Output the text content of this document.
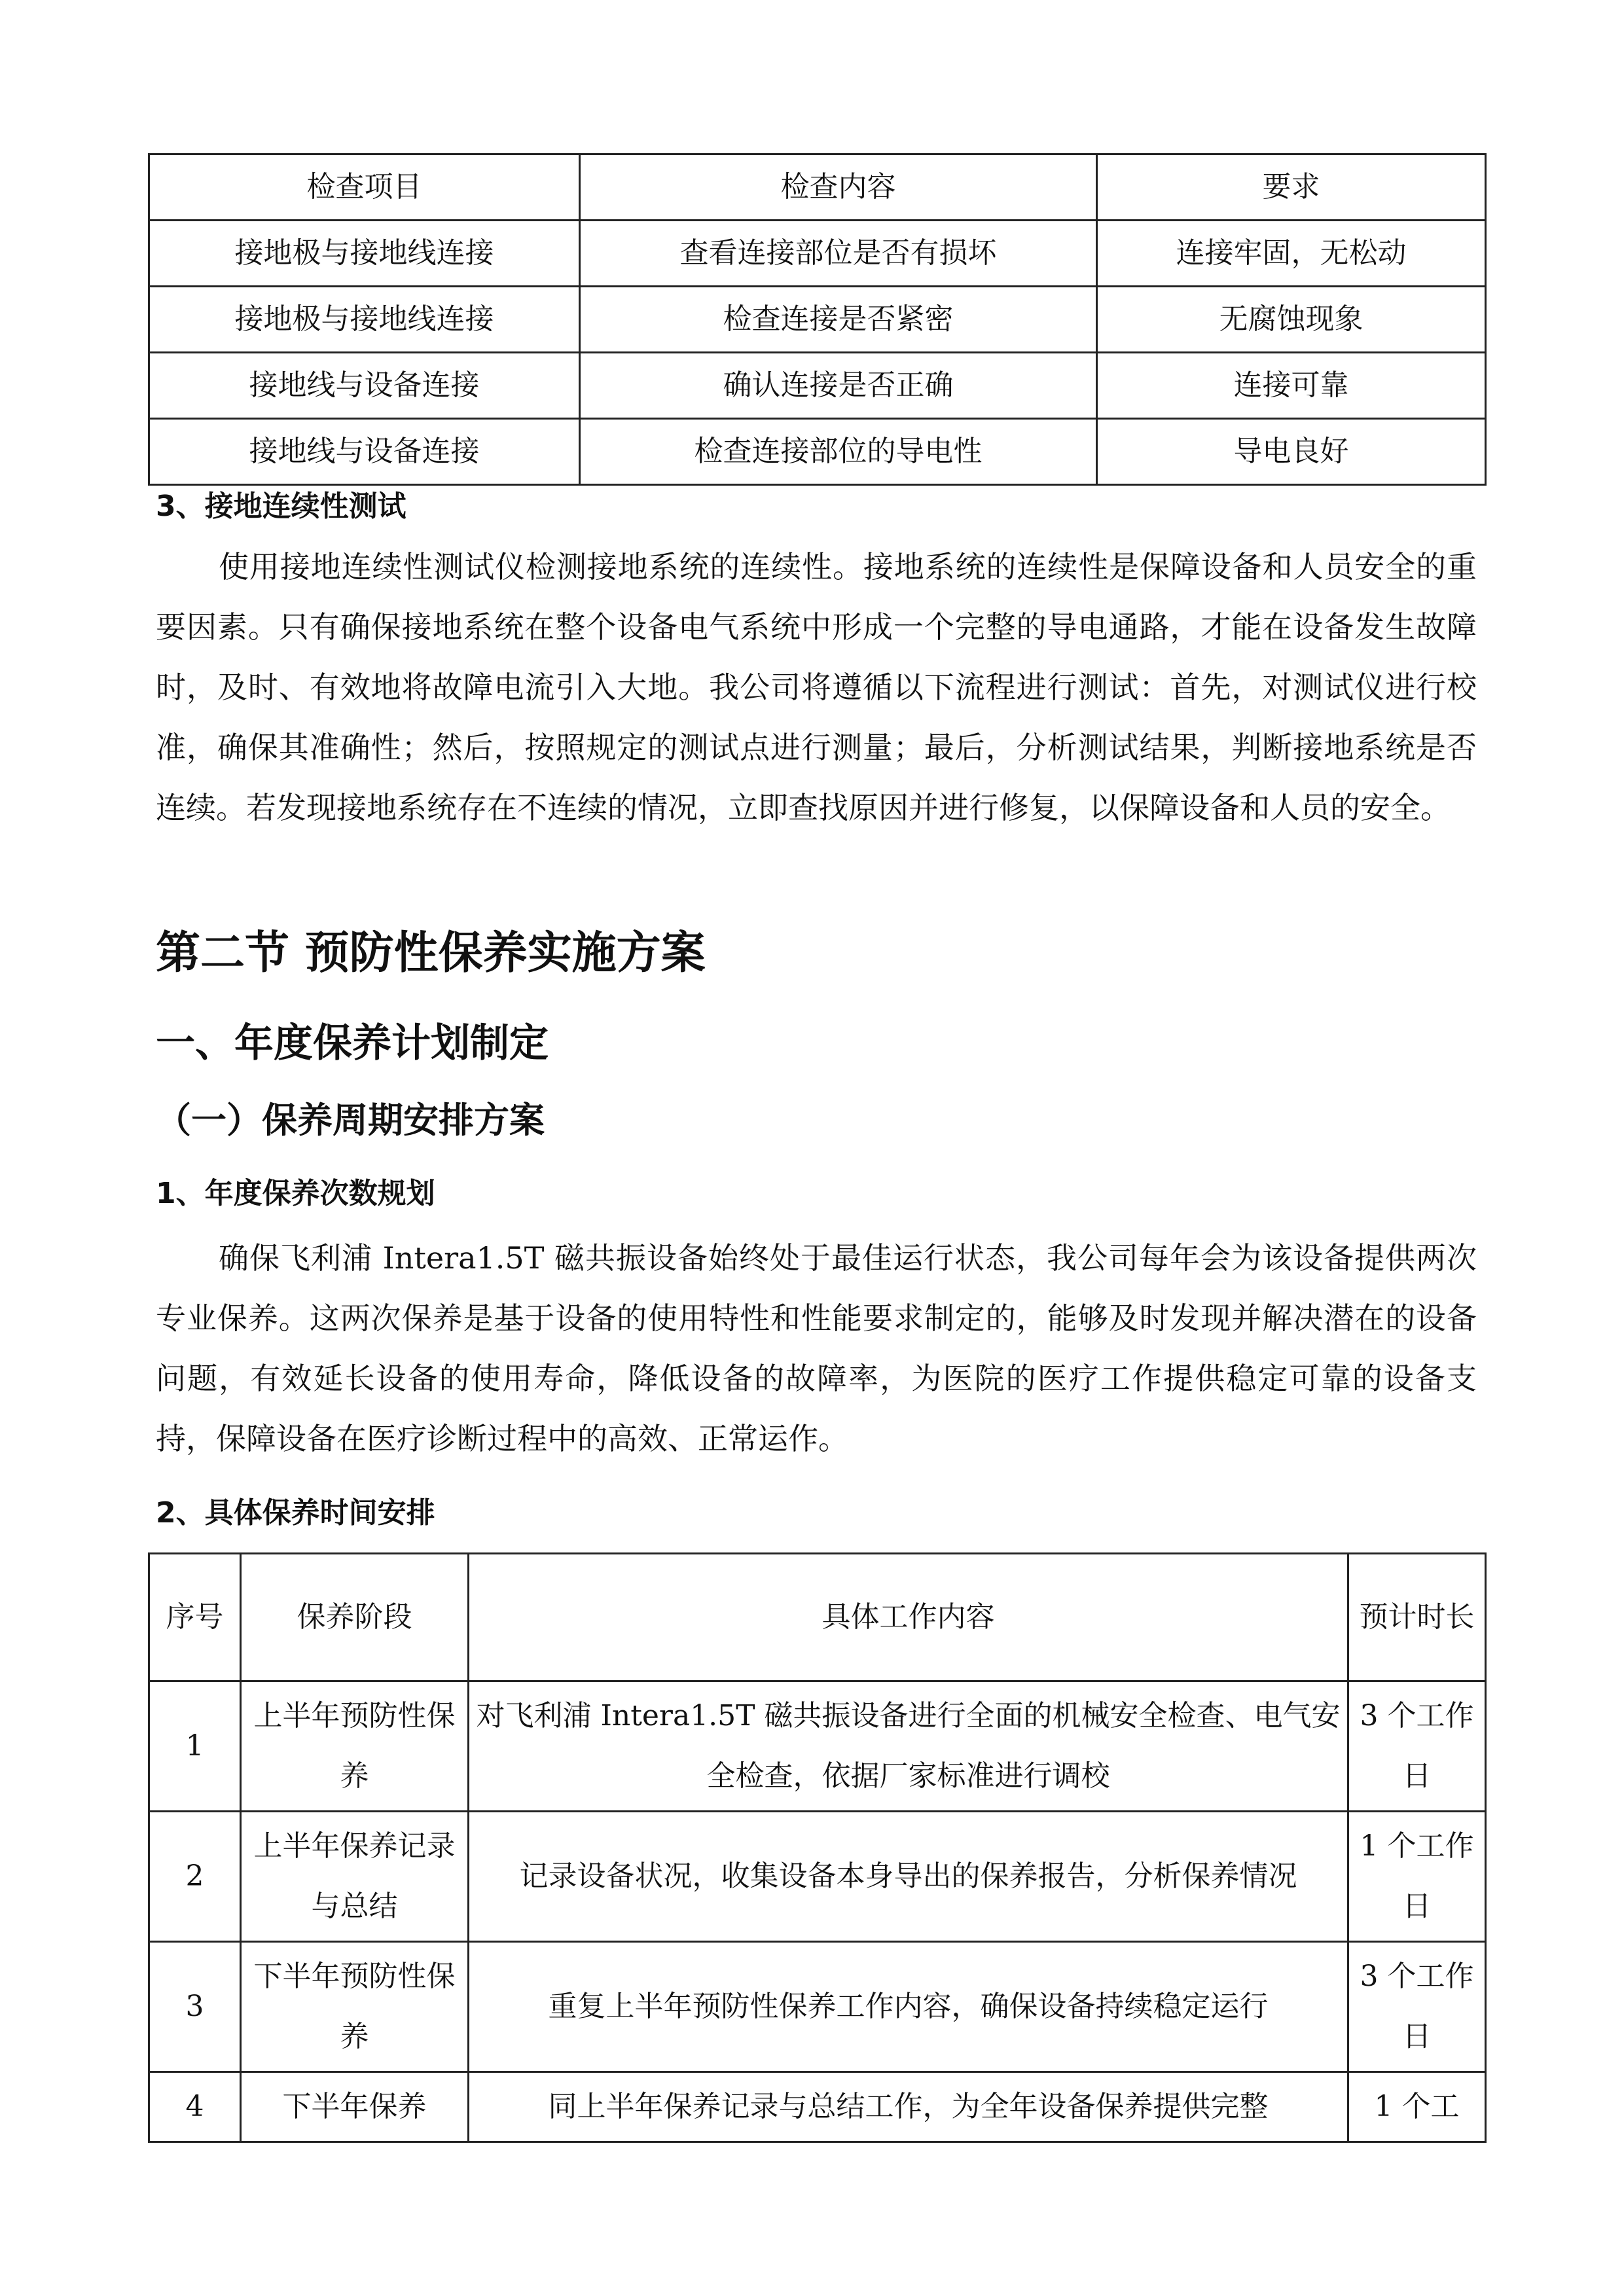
检查项目	检查内容	要求
接地极与接地线连接	查看连接部位是否有损坏	连接牢固，无松动
接地极与接地线连接	检查连接是否紧密	无腐蚀现象
接地线与设备连接	确认连接是否正确	连接可靠
接地线与设备连接	检查连接部位的导电性	导电良好

3、接地连续性测试

使用接地连续性测试仪检测接地系统的连续性。接地系统的连续性是保障设备和人员安全的重要因素。只有确保接地系统在整个设备电气系统中形成一个完整的导电通路，才能在设备发生故障时，及时、有效地将故障电流引入大地。我公司将遵循以下流程进行测试：首先，对测试仪进行校准，确保其准确性；然后，按照规定的测试点进行测量；最后，分析测试结果，判断接地系统是否连续。若发现接地系统存在不连续的情况，立即查找原因并进行修复，以保障设备和人员的安全。

第二节 预防性保养实施方案
一、年度保养计划制定
（一）保养周期安排方案

1、年度保养次数规划

确保飞利浦 Intera1.5T 磁共振设备始终处于最佳运行状态，我公司每年会为该设备提供两次专业保养。这两次保养是基于设备的使用特性和性能要求制定的，能够及时发现并解决潜在的设备问题，有效延长设备的使用寿命，降低设备的故障率，为医院的医疗工作提供稳定可靠的设备支持，保障设备在医疗诊断过程中的高效、正常运作。

2、具体保养时间安排

序号	保养阶段	具体工作内容	预计时长
1	上半年预防性保养	对飞利浦 Intera1.5T 磁共振设备进行全面的机械安全检查、电气安全检查，依据厂家标准进行调校	3 个工作日
2	上半年保养记录与总结	记录设备状况，收集设备本身导出的保养报告，分析保养情况	1 个工作日
3	下半年预防性保养	重复上半年预防性保养工作内容，确保设备持续稳定运行	3 个工作日
4	下半年保养	同上半年保养记录与总结工作，为全年设备保养提供完整	1 个工
